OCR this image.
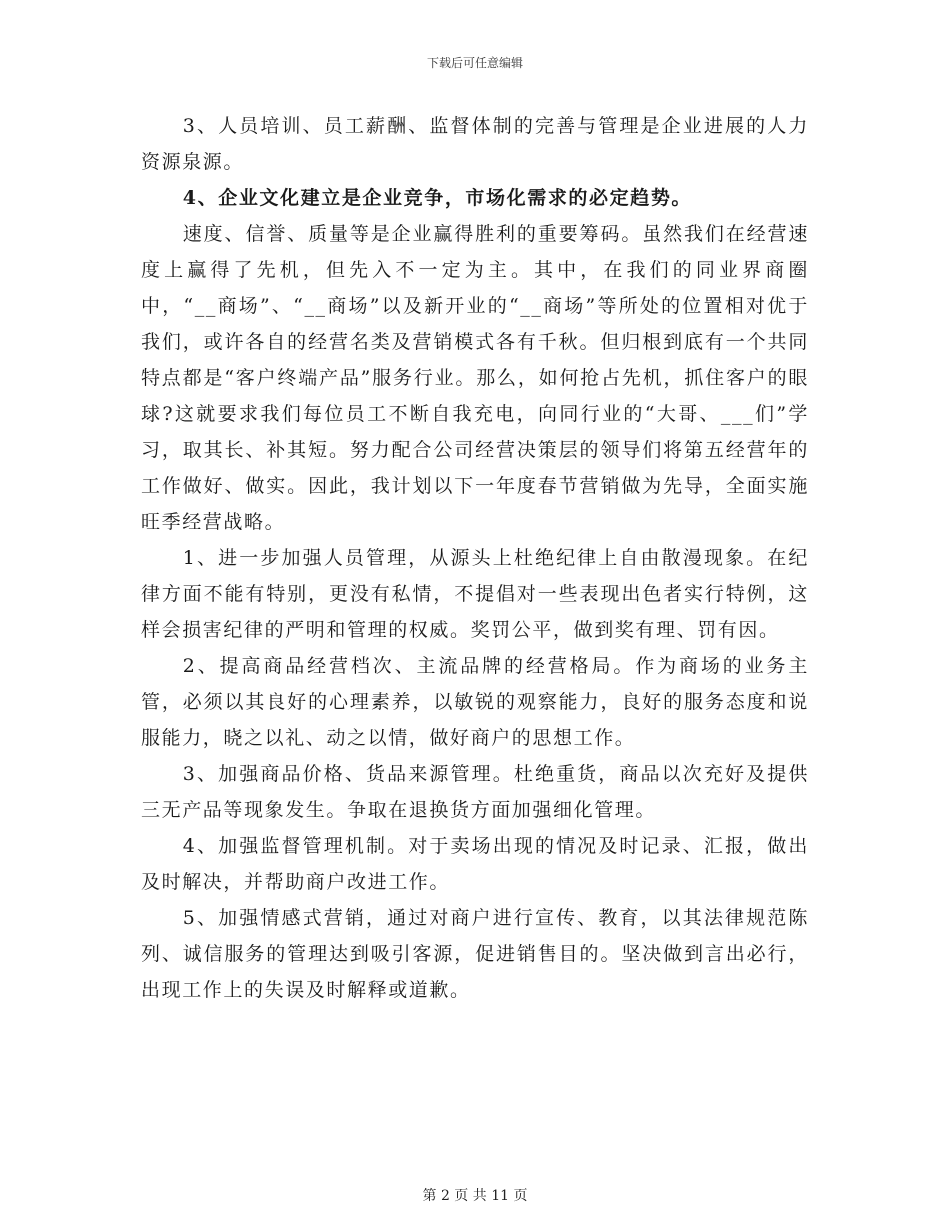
下载后可任意编辑

3、人员培训、员工薪酬、监督体制的完善与管理是企业进展的人力资源泉源。

4、企业文化建立是企业竞争，市场化需求的必定趋势。

速度、信誉、质量等是企业赢得胜利的重要筹码。虽然我们在经营速度上赢得了先机，但先入不一定为主。其中，在我们的同业界商圈中，“__商场”、“__商场”以及新开业的“__商场”等所处的位置相对优于我们，或许各自的经营名类及营销模式各有千秋。但归根到底有一个共同特点都是“客户终端产品”服务行业。那么，如何抢占先机，抓住客户的眼球?这就要求我们每位员工不断自我充电，向同行业的“大哥、___们”学习，取其长、补其短。努力配合公司经营决策层的领导们将第五经营年的工作做好、做实。因此，我计划以下一年度春节营销做为先导，全面实施旺季经营战略。

1、进一步加强人员管理，从源头上杜绝纪律上自由散漫现象。在纪律方面不能有特别，更没有私情，不提倡对一些表现出色者实行特例，这样会损害纪律的严明和管理的权威。奖罚公平，做到奖有理、罚有因。

2、提高商品经营档次、主流品牌的经营格局。作为商场的业务主管，必须以其良好的心理素养，以敏锐的观察能力，良好的服务态度和说服能力，晓之以礼、动之以情，做好商户的思想工作。

3、加强商品价格、货品来源管理。杜绝重货，商品以次充好及提供三无产品等现象发生。争取在退换货方面加强细化管理。

4、加强监督管理机制。对于卖场出现的情况及时记录、汇报，做出及时解决，并帮助商户改进工作。

5、加强情感式营销，通过对商户进行宣传、教育，以其法律规范陈列、诚信服务的管理达到吸引客源，促进销售目的。坚决做到言出必行，出现工作上的失误及时解释或道歉。

第 2 页 共 11 页
